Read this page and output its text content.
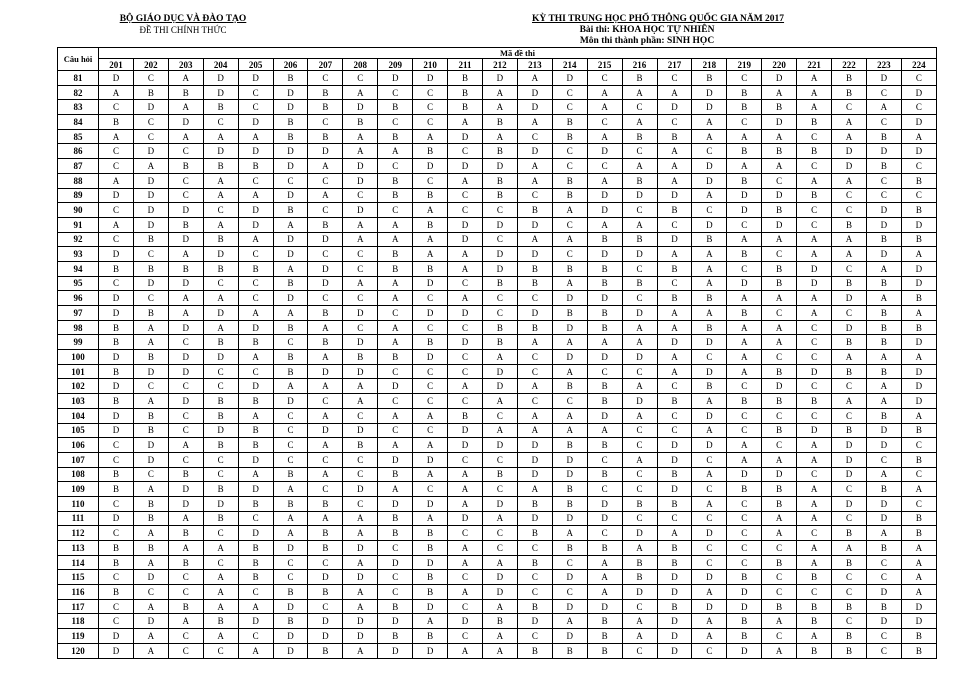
BỘ GIÁO DỤC VÀ ĐÀO TẠO
ĐỀ THI CHÍNH THỨC
KỲ THI TRUNG HỌC PHỔ THÔNG QUỐC GIA NĂM 2017
Bài thi: KHOA HỌC TỰ NHIÊN
Môn thi thành phần: SINH HỌC
Câu hỏi	Mã đề thi																							
	201	202	203	204	205	206	207	208	209	210	211	212	213	214	215	216	217	218	219	220	221	222	223	224
81	D	C	A	D	D	B	C	C	D	D	B	D	A	D	C	B	C	B	C	D	A	B	D	C
82	A	B	B	D	C	D	B	A	C	C	B	A	D	C	A	A	A	D	B	A	A	B	C	D
83	C	D	A	B	C	D	B	D	B	C	B	A	D	C	A	C	D	D	B	B	A	C	A	C
84	B	C	D	C	D	B	C	B	C	C	A	B	A	B	C	A	C	A	C	D	B	A	C	D
85	A	C	A	A	A	B	B	A	B	A	D	A	C	B	A	B	B	A	A	A	C	A	B	A
86	C	D	C	D	D	D	D	A	A	B	C	B	D	C	D	C	A	C	B	B	B	D	D	D
87	C	A	B	B	B	D	A	D	C	D	D	D	A	C	C	A	A	D	A	A	C	D	B	C
88	A	D	C	A	C	C	C	D	B	C	A	B	A	B	A	B	A	D	B	C	A	A	C	B
89	D	D	C	A	A	D	A	C	B	B	C	B	C	B	D	D	D	A	D	D	B	C	C	C
90	C	D	D	C	D	B	C	D	C	A	C	C	B	A	D	C	B	C	D	B	C	C	D	B
91	A	D	B	A	D	A	B	A	A	B	D	D	D	C	A	A	C	D	C	D	C	B	D	D
92	C	B	D	B	A	D	D	A	A	A	D	C	A	A	B	B	D	B	A	A	A	A	B	B
93	D	C	A	D	C	D	C	C	B	A	A	D	D	C	D	D	A	A	B	C	A	A	D	A
94	B	B	B	B	B	A	D	C	B	B	A	D	B	B	B	C	B	A	C	B	D	C	A	D
95	C	D	D	C	C	B	D	A	A	D	C	B	B	A	B	B	C	A	D	B	D	B	B	D
96	D	C	A	A	C	D	C	C	A	C	A	C	C	D	D	C	B	B	A	A	A	D	A	B
97	D	B	A	D	A	A	B	D	C	D	D	C	D	B	B	D	A	A	B	C	A	C	B	A
98	B	A	D	A	D	B	A	C	A	C	C	B	B	D	B	A	A	B	A	A	C	D	B	B
99	B	A	C	B	B	C	B	D	A	B	D	B	A	A	A	A	D	D	A	A	C	B	B	D
100	D	B	D	D	A	B	A	B	B	D	C	A	C	D	D	D	A	C	A	C	C	A	A	A
101	B	D	D	C	C	B	D	D	C	C	C	D	C	A	C	C	A	D	A	B	D	B	B	D
102	D	C	C	C	D	A	A	A	D	C	A	D	A	B	B	A	C	B	C	D	C	C	A	D
103	B	A	D	B	B	D	C	A	C	C	C	A	C	C	B	D	B	A	B	B	B	A	A	D
104	D	B	C	B	A	C	A	C	A	A	B	C	A	A	D	A	C	D	C	C	C	C	B	A
105	D	B	C	D	B	C	D	D	C	C	D	A	A	A	A	C	C	A	C	B	D	B	D	B
106	C	D	A	B	B	C	A	B	A	A	D	D	D	B	B	C	D	D	A	C	A	D	D	C
107	C	D	C	C	D	C	C	C	D	D	C	C	D	D	C	A	D	C	A	A	A	D	C	B
108	B	C	B	C	A	B	A	C	B	A	A	B	D	D	B	C	B	A	D	D	C	D	A	C
109	B	A	D	B	D	A	C	D	A	C	A	C	A	B	C	C	D	C	B	B	A	C	B	A
110	C	B	D	D	B	B	B	C	D	D	A	D	B	B	D	B	B	A	C	B	A	D	D	C
111	D	B	A	B	C	A	A	A	B	A	D	A	D	D	D	C	C	C	C	A	A	C	D	B
112	C	A	B	C	D	A	B	A	B	B	C	C	B	A	C	D	A	D	C	A	C	B	A	B
113	B	B	A	A	B	D	B	D	C	B	A	C	C	B	B	A	B	C	C	C	A	A	B	A
114	B	A	B	C	B	C	C	A	D	D	A	A	B	C	A	B	B	C	C	B	A	B	C	A
115	C	D	C	A	B	C	D	D	C	B	C	D	C	D	A	B	D	D	B	C	B	C	C	A
116	B	C	C	A	C	B	B	A	C	B	A	D	C	C	A	D	D	A	D	C	C	C	D	A
117	C	A	B	A	A	D	C	A	B	D	C	A	B	D	D	C	B	D	D	B	B	B	B	D
118	C	D	A	B	D	B	D	D	D	A	D	B	D	A	B	A	D	A	B	A	B	C	D	D
119	D	A	C	A	C	D	D	D	B	B	C	A	C	D	B	A	D	A	B	C	A	B	C	B
120	D	A	C	C	A	D	B	A	D	D	A	A	B	B	B	C	D	C	D	A	B	B	C	B
